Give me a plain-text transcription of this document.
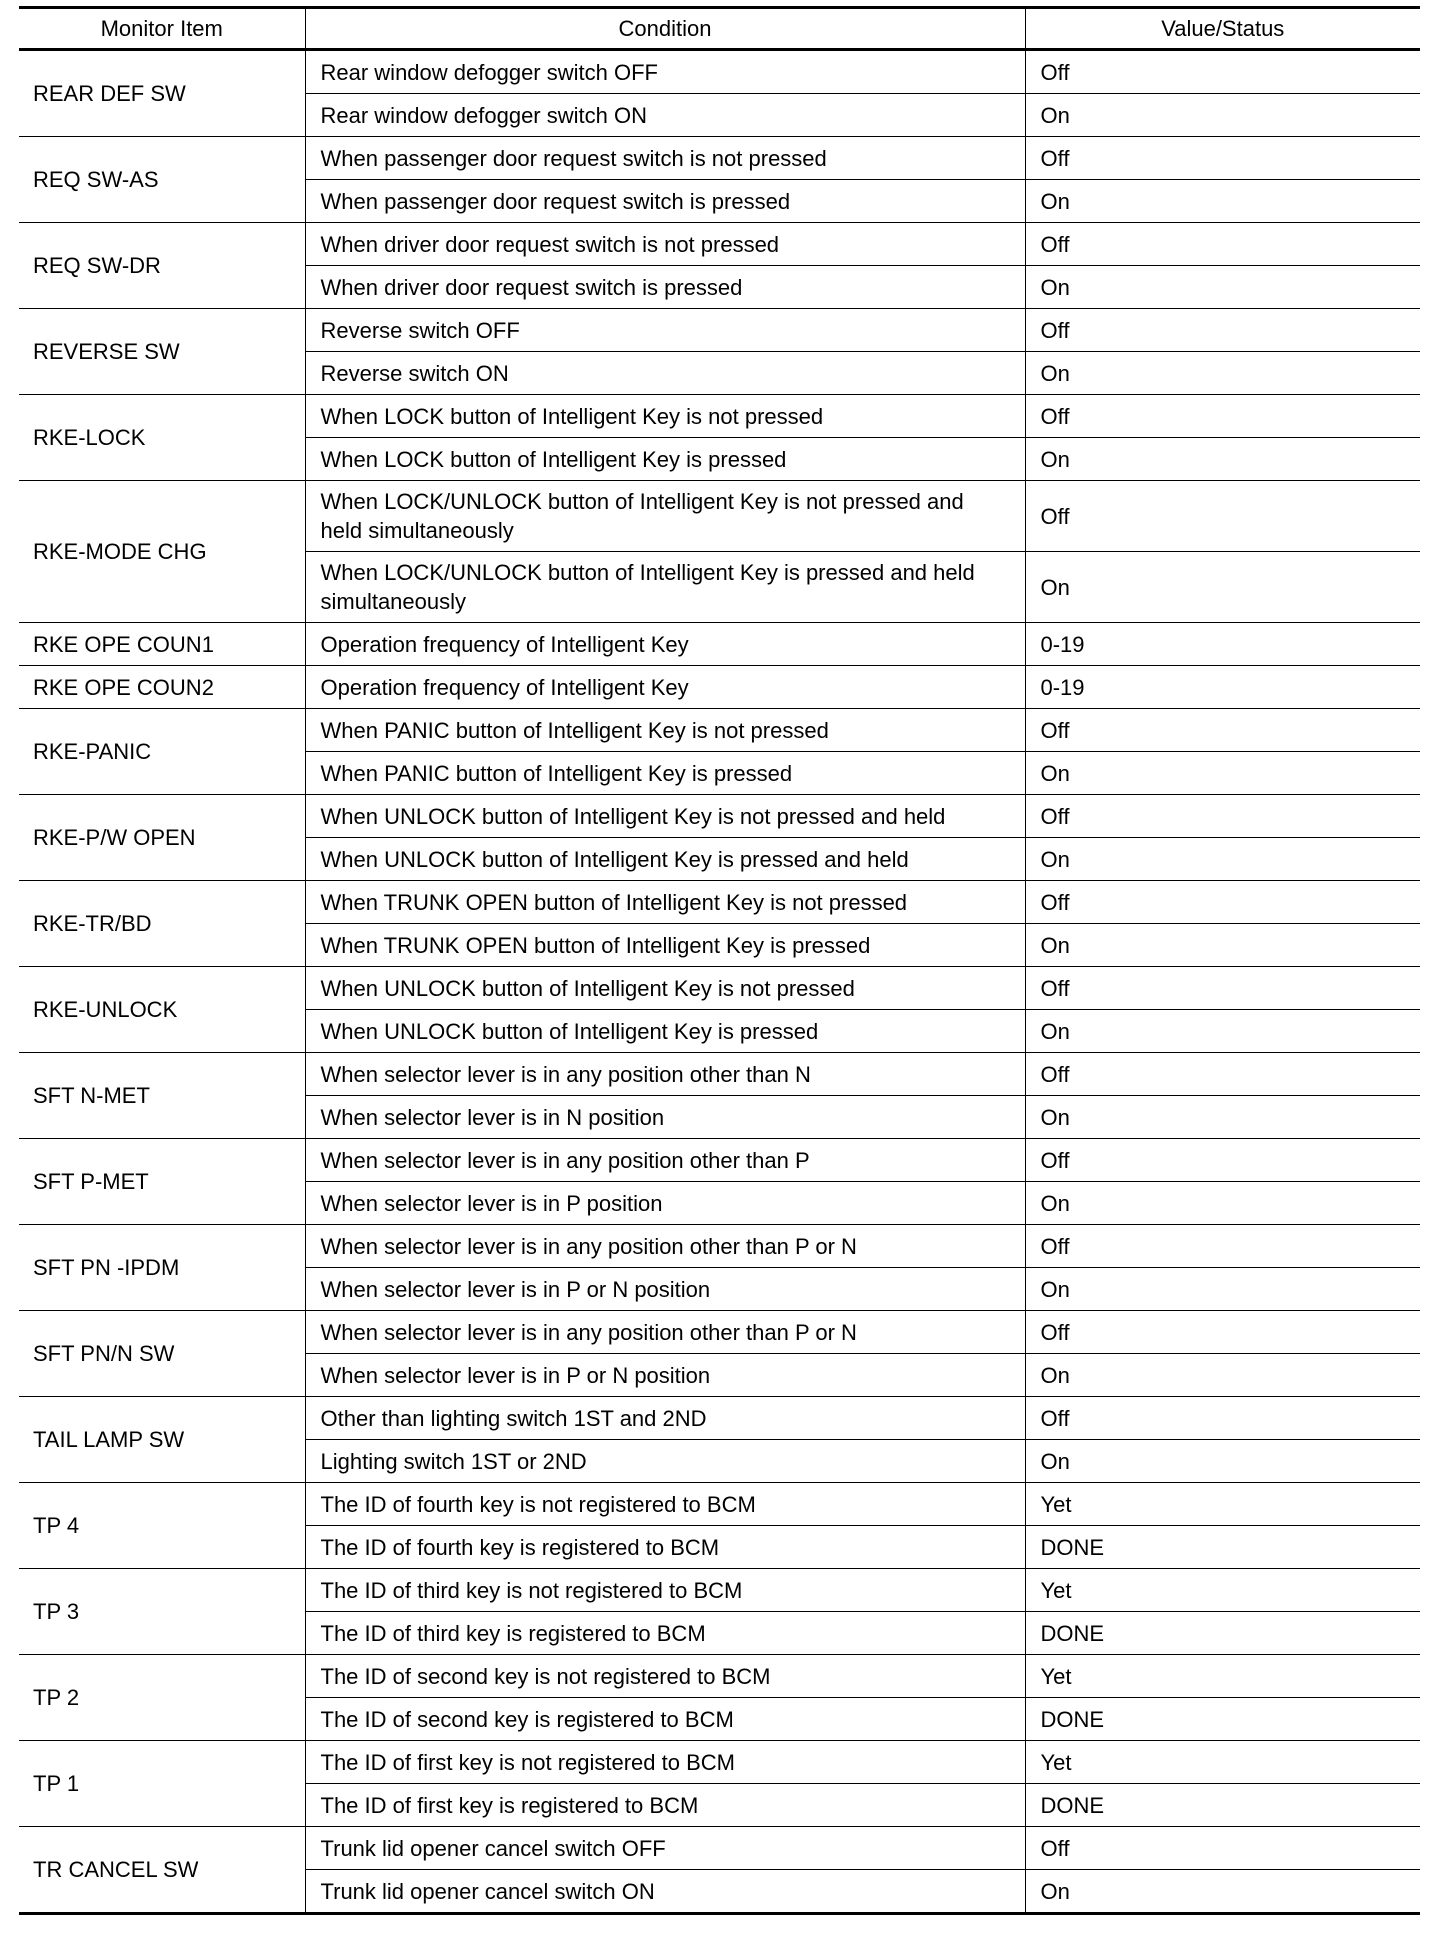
Monitor Item	Condition	Value/Status
REAR DEF SW	Rear window defogger switch OFF	Off
	Rear window defogger switch ON	On
REQ SW-AS	When passenger door request switch is not pressed	Off
	When passenger door request switch is pressed	On
REQ SW-DR	When driver door request switch is not pressed	Off
	When driver door request switch is pressed	On
REVERSE SW	Reverse switch OFF	Off
	Reverse switch ON	On
RKE-LOCK	When LOCK button of Intelligent Key is not pressed	Off
	When LOCK button of Intelligent Key is pressed	On
RKE-MODE CHG	When LOCK/UNLOCK button of Intelligent Key is not pressed and held simultaneously	Off
	When LOCK/UNLOCK button of Intelligent Key is pressed and held simultaneously	On
RKE OPE COUN1	Operation frequency of Intelligent Key	0-19
RKE OPE COUN2	Operation frequency of Intelligent Key	0-19
RKE-PANIC	When PANIC button of Intelligent Key is not pressed	Off
	When PANIC button of Intelligent Key is pressed	On
RKE-P/W OPEN	When UNLOCK button of Intelligent Key is not pressed and held	Off
	When UNLOCK button of Intelligent Key is pressed and held	On
RKE-TR/BD	When TRUNK OPEN button of Intelligent Key is not pressed	Off
	When TRUNK OPEN button of Intelligent Key is pressed	On
RKE-UNLOCK	When UNLOCK button of Intelligent Key is not pressed	Off
	When UNLOCK button of Intelligent Key is pressed	On
SFT N-MET	When selector lever is in any position other than N	Off
	When selector lever is in N position	On
SFT P-MET	When selector lever is in any position other than P	Off
	When selector lever is in P position	On
SFT PN -IPDM	When selector lever is in any position other than P or N	Off
	When selector lever is in P or N position	On
SFT PN/N SW	When selector lever is in any position other than P or N	Off
	When selector lever is in P or N position	On
TAIL LAMP SW	Other than lighting switch 1ST and 2ND	Off
	Lighting switch 1ST or 2ND	On
TP 4	The ID of fourth key is not registered to BCM	Yet
	The ID of fourth key is registered to BCM	DONE
TP 3	The ID of third key is not registered to BCM	Yet
	The ID of third key is registered to BCM	DONE
TP 2	The ID of second key is not registered to BCM	Yet
	The ID of second key is registered to BCM	DONE
TP 1	The ID of first key is not registered to BCM	Yet
	The ID of first key is registered to BCM	DONE
TR CANCEL SW	Trunk lid opener cancel switch OFF	Off
	Trunk lid opener cancel switch ON	On
